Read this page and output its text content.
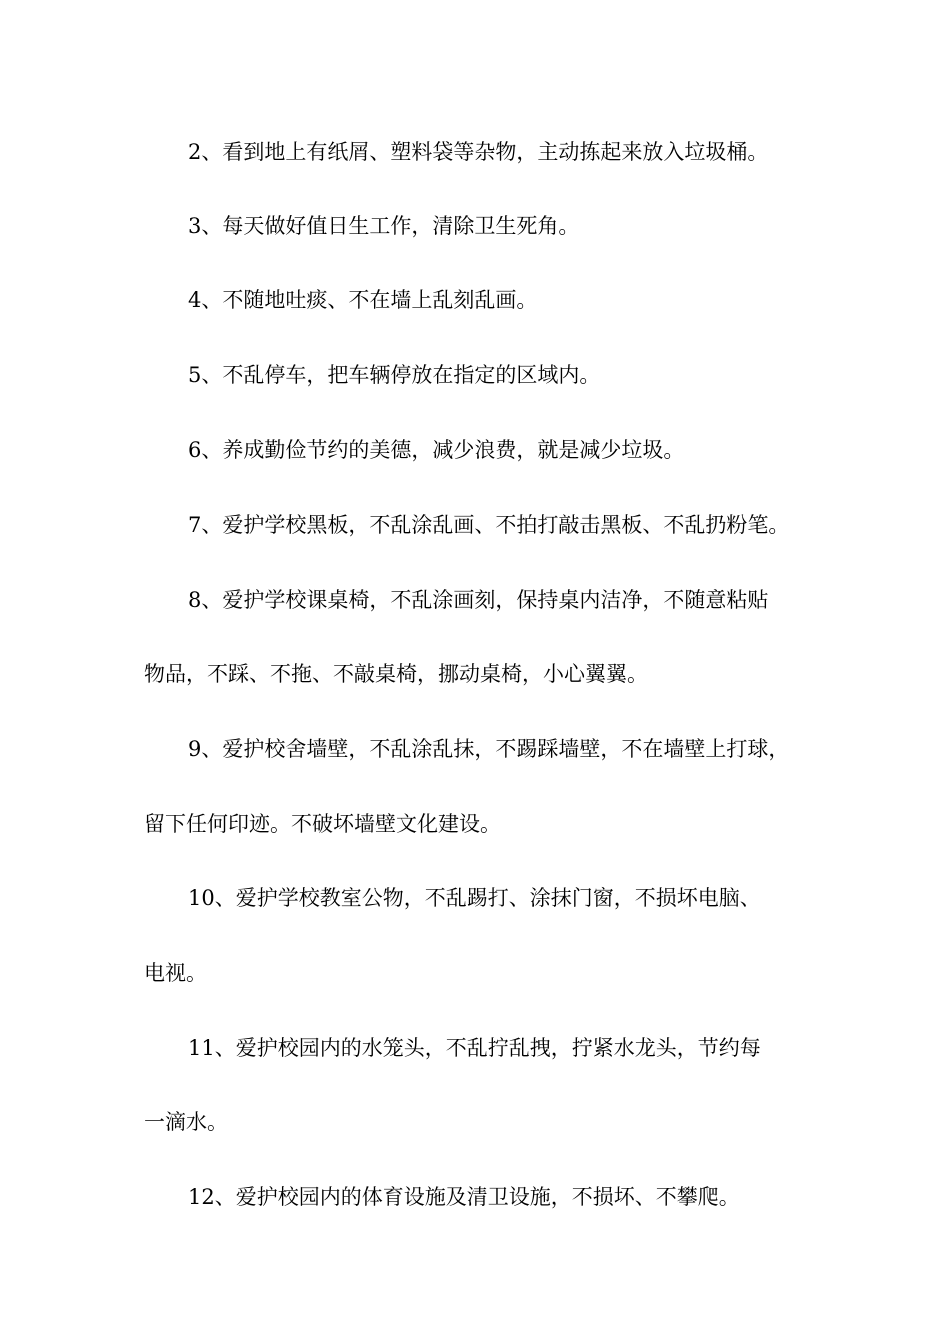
2、看到地上有纸屑、塑料袋等杂物，主动拣起来放入垃圾桶。
3、每天做好值日生工作，清除卫生死角。
4、不随地吐痰、不在墙上乱刻乱画。
5、不乱停车，把车辆停放在指定的区域内。
6、养成勤俭节约的美德，减少浪费，就是减少垃圾。
7、爱护学校黑板，不乱涂乱画、不拍打敲击黑板、不乱扔粉笔。
8、爱护学校课桌椅，不乱涂画刻，保持桌内洁净，不随意粘贴
物品，不踩、不拖、不敲桌椅，挪动桌椅，小心翼翼。
9、爱护校舍墙壁，不乱涂乱抹，不踢踩墙壁，不在墙壁上打球，
留下任何印迹。不破坏墙壁文化建设。
10、爱护学校教室公物，不乱踢打、涂抹门窗，不损坏电脑、
电视。
11、爱护校园内的水笼头，不乱拧乱拽，拧紧水龙头，节约每
一滴水。
12、爱护校园内的体育设施及清卫设施，不损坏、不攀爬。
